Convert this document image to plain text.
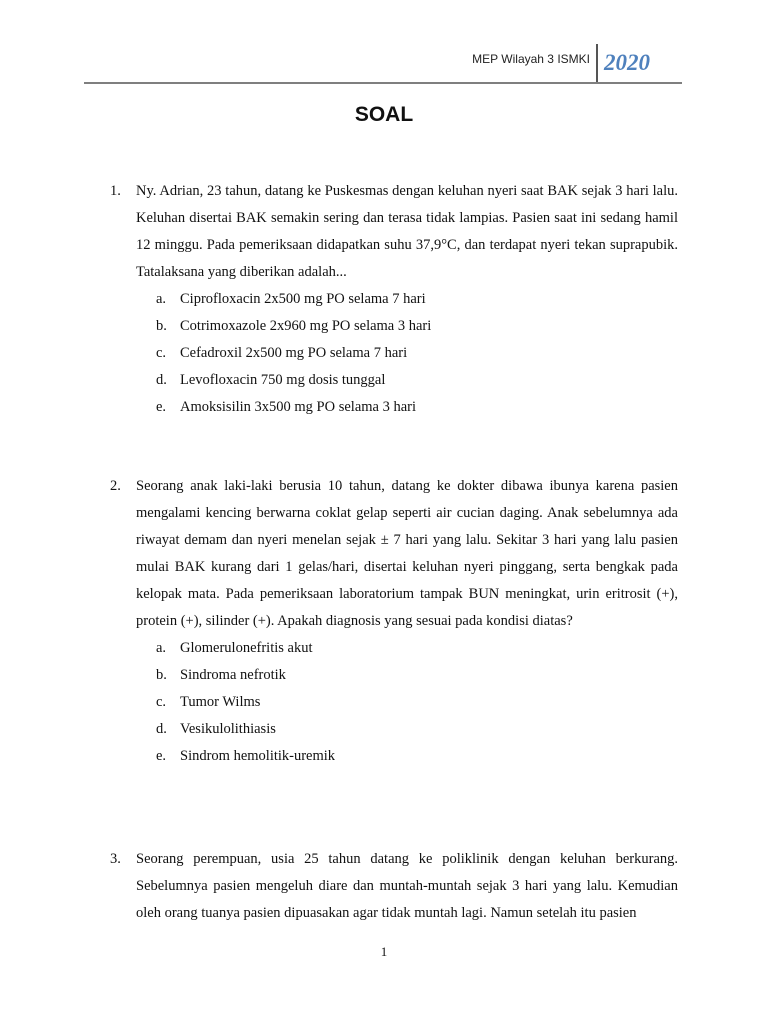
MEP Wilayah 3 ISMKI 2020
SOAL
1. Ny. Adrian, 23 tahun, datang ke Puskesmas dengan keluhan nyeri saat BAK sejak 3 hari lalu. Keluhan disertai BAK semakin sering dan terasa tidak lampias. Pasien saat ini sedang hamil 12 minggu. Pada pemeriksaan didapatkan suhu 37,9°C, dan terdapat nyeri tekan suprapubik. Tatalaksana yang diberikan adalah...
a. Ciprofloxacin 2x500 mg PO selama 7 hari
b. Cotrimoxazole 2x960 mg PO selama 3 hari
c. Cefadroxil 2x500 mg PO selama 7 hari
d. Levofloxacin 750 mg dosis tunggal
e. Amoksisilin 3x500 mg PO selama 3 hari
2. Seorang anak laki-laki berusia 10 tahun, datang ke dokter dibawa ibunya karena pasien mengalami kencing berwarna coklat gelap seperti air cucian daging. Anak sebelumnya ada riwayat demam dan nyeri menelan sejak ± 7 hari yang lalu. Sekitar 3 hari yang lalu pasien mulai BAK kurang dari 1 gelas/hari, disertai keluhan nyeri pinggang, serta bengkak pada kelopak mata. Pada pemeriksaan laboratorium tampak BUN meningkat, urin eritrosit (+), protein (+), silinder (+). Apakah diagnosis yang sesuai pada kondisi diatas?
a. Glomerulonefritis akut
b. Sindroma nefrotik
c. Tumor Wilms
d. Vesikulolithiasis
e. Sindrom hemolitik-uremik
3. Seorang perempuan, usia 25 tahun datang ke poliklinik dengan keluhan berkurang. Sebelumnya pasien mengeluh diare dan muntah-muntah sejak 3 hari yang lalu. Kemudian oleh orang tuanya pasien dipuasakan agar tidak muntah lagi. Namun setelah itu pasien
1
